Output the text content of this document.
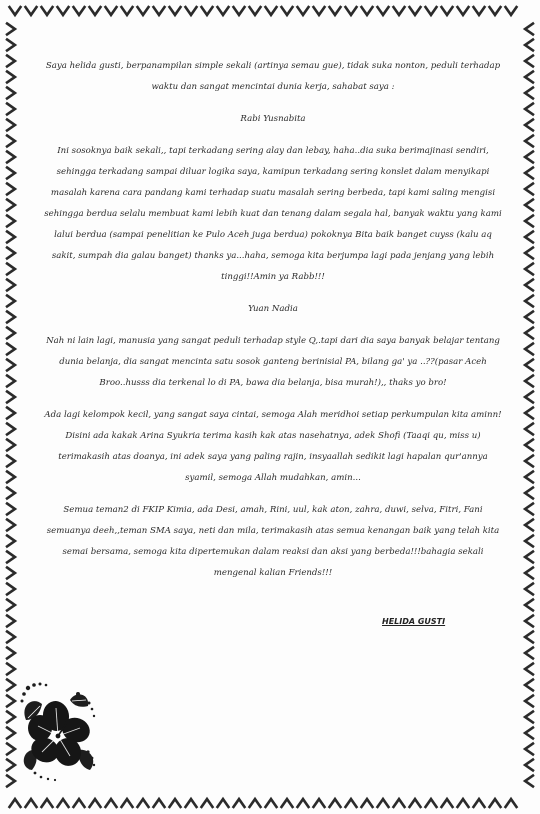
Saya helida gusti, berpanampilan simple sekali (artinya semau gue), tidak suka nonton, peduli terhadap waktu dan sangat mencintai dunia kerja, sahabat saya :

Rabi Yusnabita

Ini sosoknya baik sekali,, tapi terkadang sering alay dan lebay, haha..dia suka berimajinasi sendiri, sehingga terkadang sampai diluar logika saya, kamipun terkadang sering konslet dalam menyikapi masalah karena cara pandang kami terhadap suatu masalah sering berbeda, tapi kami saling mengisi sehingga berdua selalu membuat kami lebih kuat dan tenang dalam segala hal, banyak waktu yang kami lalui berdua (sampai penelitian ke Pulo Aceh juga berdua) pokoknya Bita baik banget cuyss (kalu aq sakit, sumpah dia galau banget) thanks ya...haha, semoga kita berjumpa lagi pada jenjang yang lebih tinggi!!Amin ya Rabb!!!

Yuan Nadia

Nah ni lain lagi, manusia yang sangat peduli terhadap style Q,.tapi dari dia saya banyak belajar tentang dunia belanja, dia sangat mencinta satu sosok ganteng berinisial PA, bilang ga' ya ..??(pasar Aceh Broo..husss dia terkenal lo di PA, bawa dia belanja, bisa murah!),, thaks yo bro!

Ada lagi kelompok kecil, yang sangat saya cintai, semoga Alah meridhoi setiap perkumpulan kita aminn! Disini ada kakak Arina Syukria terima kasih kak atas nasehatnya, adek Shofi (Taaqi qu, miss u) terimakasih atas doanya, ini adek saya yang paling rajin, insyaallah sedikit lagi hapalan qur'annya syamil, semoga Allah mudahkan, amin...

Semua teman2 di FKIP Kimia, ada Desi, amah, Rini, uul, kak aton, zahra, duwi, selva, Fitri, Fani semuanya deeh,,teman SMA saya, neti dan mila, terimakasih atas semua kenangan baik yang telah kita semai bersama, semoga kita dipertemukan dalam reaksi dan aksi yang berbeda!!!bahagia sekali mengenal kalian Friends!!!

HELIDA GUSTI
